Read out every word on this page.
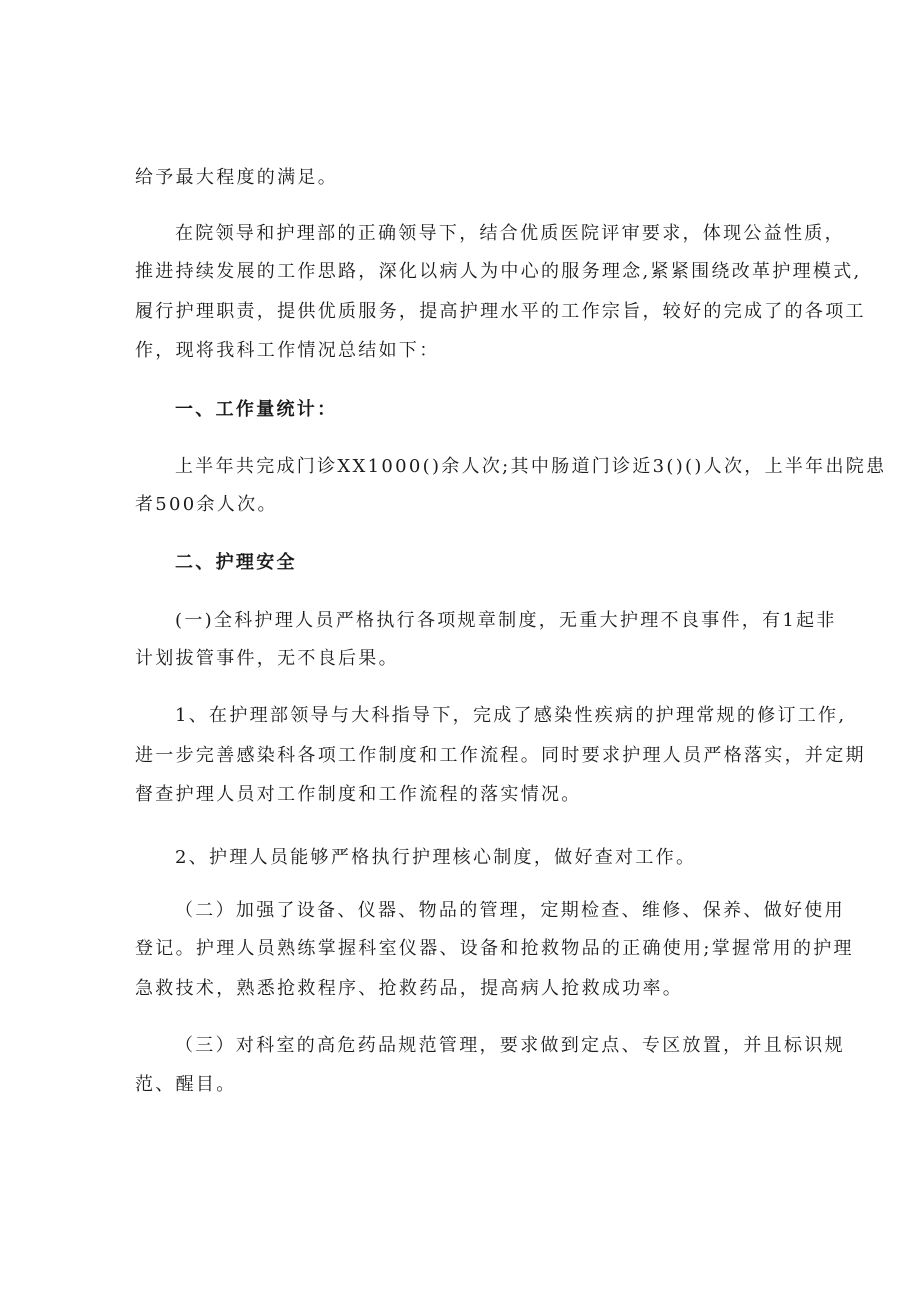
给予最大程度的满足。
在院领导和护理部的正确领导下，结合优质医院评审要求，体现公益性质，
推进持续发展的工作思路，深化以病人为中心的服务理念,紧紧围绕改革护理模式,
履行护理职责，提供优质服务，提高护理水平的工作宗旨，较好的完成了的各项工
作，现将我科工作情况总结如下：
一、工作量统计：
上半年共完成门诊XX1000()余人次;其中肠道门诊近3()()人次，上半年出院患
者500余人次。
二、护理安全
(一)全科护理人员严格执行各项规章制度，无重大护理不良事件，有1起非
计划拔管事件，无不良后果。
1、在护理部领导与大科指导下，完成了感染性疾病的护理常规的修订工作,
进一步完善感染科各项工作制度和工作流程。同时要求护理人员严格落实，并定期
督查护理人员对工作制度和工作流程的落实情况。
2、护理人员能够严格执行护理核心制度，做好查对工作。
（二）加强了设备、仪器、物品的管理，定期检查、维修、保养、做好使用
登记。护理人员熟练掌握科室仪器、设备和抢救物品的正确使用;掌握常用的护理
急救技术，熟悉抢救程序、抢救药品，提高病人抢救成功率。
（三）对科室的高危药品规范管理，要求做到定点、专区放置，并且标识规
范、醒目。
